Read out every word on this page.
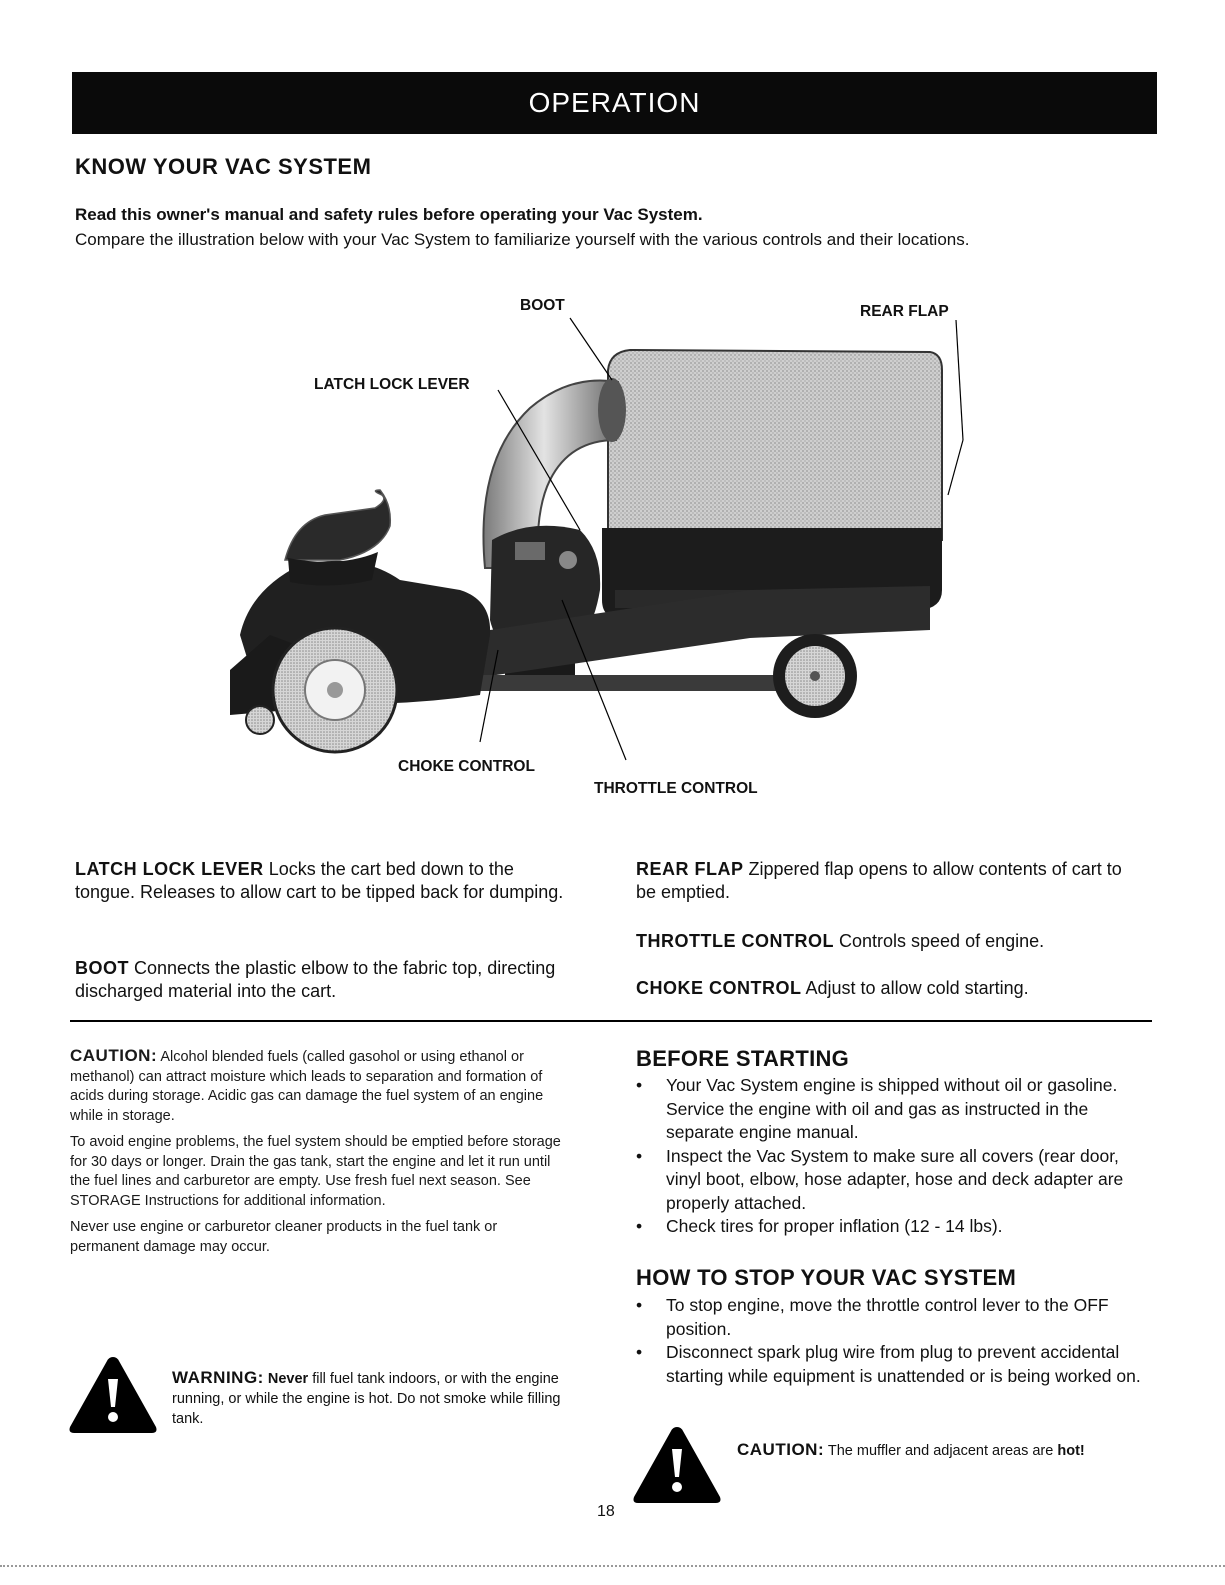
OPERATION
KNOW YOUR VAC SYSTEM
Read this owner's manual and safety rules before operating your Vac System.
Compare the illustration below with your Vac System to familiarize yourself with the various controls and their locations.
BOOT	REAR FLAP
LATCH LOCK LEVER
CHOKE CONTROL
THROTTLE CONTROL
LATCH LOCK LEVER Locks the cart bed down to the tongue. Releases to allow cart to be tipped back for dumping.
BOOT Connects the plastic elbow to the fabric top, directing discharged material into the cart.
REAR FLAP Zippered flap opens to allow contents of cart to be emptied.
THROTTLE CONTROL Controls speed of engine.
CHOKE CONTROL Adjust to allow cold starting.

CAUTION: Alcohol blended fuels (called gasohol or using ethanol or methanol) can attract moisture which leads to separation and formation of acids during storage. Acidic gas can damage the fuel system of an engine while in storage.

To avoid engine problems, the fuel system should be emptied before storage for 30 days or longer. Drain the gas tank, start the engine and let it run until the fuel lines and carburetor are empty. Use fresh fuel next season. See STORAGE Instructions for additional information.

Never use engine or carburetor cleaner products in the fuel tank or permanent damage may occur.

WARNING: Never fill fuel tank indoors, or with the engine running, or while the engine is hot. Do not smoke while filling tank.
BEFORE STARTING
• Your Vac System engine is shipped without oil or gasoline. Service the engine with oil and gas as instructed in the separate engine manual.
• Inspect the Vac System to make sure all covers (rear door, vinyl boot, elbow, hose adapter, hose and deck adapter are properly attached.
• Check tires for proper inflation (12 - 14 lbs).
HOW TO STOP YOUR VAC SYSTEM
• To stop engine, move the throttle control lever to the OFF position.
• Disconnect spark plug wire from plug to prevent accidental starting while equipment is unattended or is being worked on.
CAUTION: The muffler and adjacent areas are hot!
18
